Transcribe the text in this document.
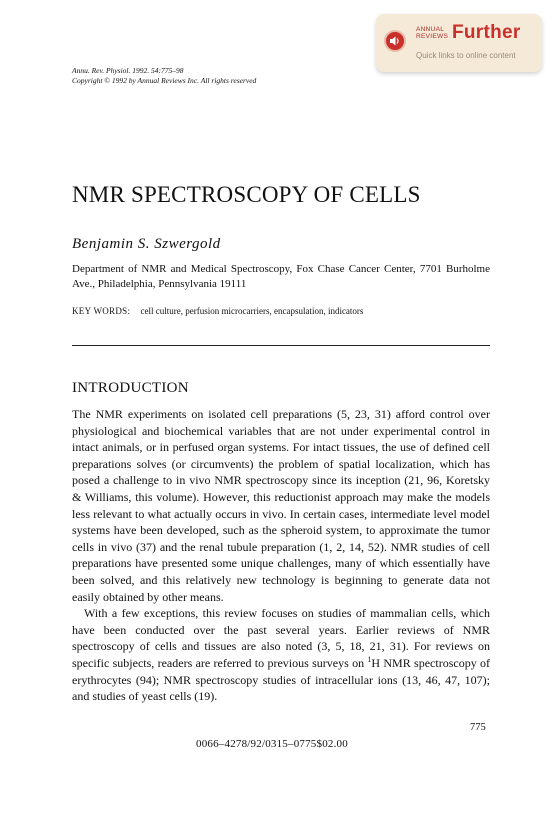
ANNUAL
REVIEWS Further
Quick links to online content
Annu. Rev. Physiol. 1992. 54:775–98
Copyright © 1992 by Annual Reviews Inc. All rights reserved
NMR SPECTROSCOPY OF CELLS
Benjamin S. Szwergold
Department of NMR and Medical Spectroscopy, Fox Chase Cancer Center, 7701 Burholme Ave., Philadelphia, Pennsylvania 19111
KEY WORDS: cell culture, perfusion microcarriers, encapsulation, indicators
INTRODUCTION

The NMR experiments on isolated cell preparations (5, 23, 31) afford control over physiological and biochemical variables that are not under experimental control in intact animals, or in perfused organ systems. For intact tissues, the use of defined cell preparations solves (or circumvents) the problem of spatial localization, which has posed a challenge to in vivo NMR spectroscopy since its inception (21, 96, Koretsky & Williams, this volume). However, this reductionist approach may make the models less relevant to what actually occurs in vivo. In certain cases, intermediate level model systems have been developed, such as the spheroid system, to approximate the tumor cells in vivo (37) and the renal tubule preparation (1, 2, 14, 52). NMR studies of cell preparations have presented some unique challenges, many of which essentially have been solved, and this relatively new technology is beginning to generate data not easily obtained by other means.

With a few exceptions, this review focuses on studies of mammalian cells, which have been conducted over the past several years. Earlier reviews of NMR spectroscopy of cells and tissues are also noted (3, 5, 18, 21, 31). For reviews on specific subjects, readers are referred to previous surveys on $^1$H NMR spectroscopy of erythrocytes (94); NMR spectroscopy studies of intracellular ions (13, 46, 47, 107); and studies of yeast cells (19).

775
0066–4278/92/0315–0775$02.00
